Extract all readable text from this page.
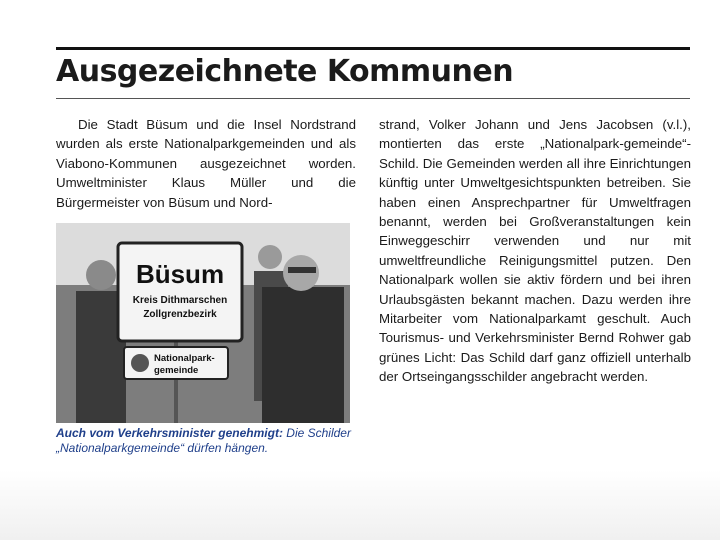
Ausgezeichnete Kommunen

Die Stadt Büsum und die Insel Nordstrand wurden als erste Nationalparkgemeinden und als Viabono-Kommunen ausgezeichnet worden. Umweltminister Klaus Müller und die Bürgermeister von Büsum und Nord-

Büsum
Kreis Dithmarschen
Zollgrenzbezirk
Nationalpark-
gemeinde
Auch vom Verkehrsminister genehmigt: Die Schilder „Nationalparkgemeinde“ dürfen hängen.

strand, Volker Johann und Jens Jacobsen (v.l.), montierten das erste „Nationalpark-gemeinde“-Schild. Die Gemeinden werden all ihre Einrichtungen künftig unter Umweltgesichtspunkten betreiben. Sie haben einen Ansprechpartner für Umweltfragen benannt, werden bei Großveranstaltungen kein Einweggeschirr verwenden und nur mit umweltfreundliche Reinigungsmittel putzen. Den Nationalpark wollen sie aktiv fördern und bei ihren Urlaubsgästen bekannt machen. Dazu werden ihre Mitarbeiter vom Nationalparkamt geschult. Auch Tourismus- und Verkehrsminister Bernd Rohwer gab grünes Licht: Das Schild darf ganz offiziell unterhalb der Ortseingangsschilder angebracht werden.
